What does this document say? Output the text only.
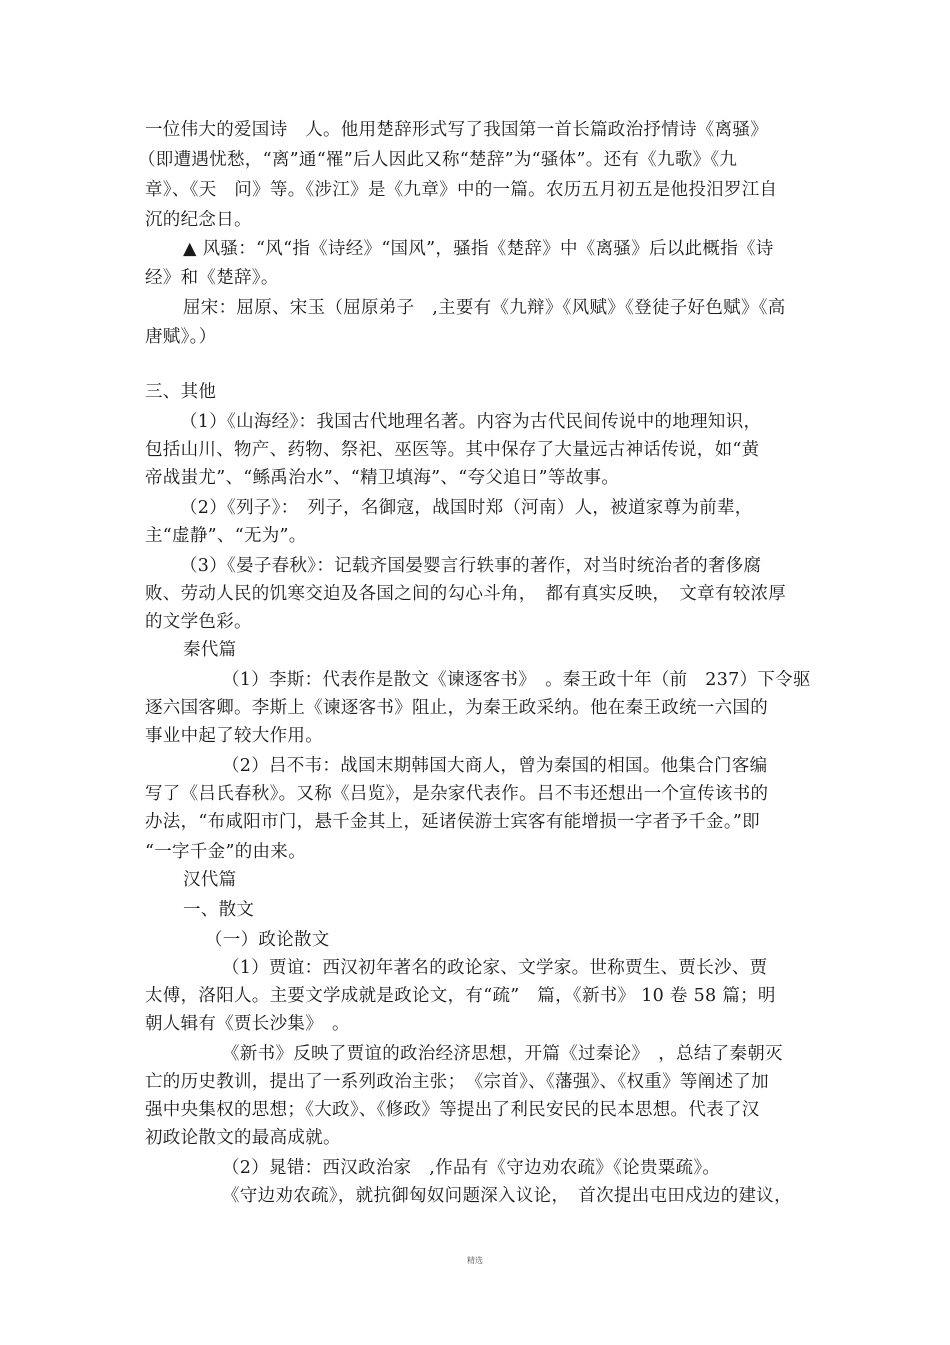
一位伟大的爱国诗　人。他用楚辞形式写了我国第一首长篇政治抒情诗《离骚》
（即遭遇忧愁，“离”通“罹”后人因此又称“楚辞”为“骚体”。还有《九歌》《九
章》、《天　问》等。《涉江》是《九章》中的一篇。农历五月初五是他投汨罗江自
沉的纪念日。
▲ 风骚：“风“指《诗经》“国风”，骚指《楚辞》中《离骚》后以此概指《诗
经》和《楚辞》。
屈宋：屈原、宋玉（屈原弟子　,主要有《九辩》《风赋》《登徒子好色赋》《高
唐赋》。）
三、其他
（1）《山海经》：我国古代地理名著。内容为古代民间传说中的地理知识，
包括山川、物产、药物、祭祀、巫医等。其中保存了大量远古神话传说，如“黄
帝战蚩尤”、“鲧禹治水”、“精卫填海”、“夸父追日”等故事。
（2）《列子》：　列子，名御寇，战国时郑（河南）人，被道家尊为前辈，
主“虚静”、“无为”。
（3）《晏子春秋》：记载齐国晏婴言行轶事的著作，对当时统治者的奢侈腐
败、劳动人民的饥寒交迫及各国之间的勾心斗角，　都有真实反映，　文章有较浓厚
的文学色彩。
秦代篇
（1）李斯：代表作是散文《谏逐客书》　。秦王政十年（前　237）下令驱
逐六国客卿。李斯上《谏逐客书》阻止，为秦王政采纳。他在秦王政统一六国的
事业中起了较大作用。
（2）吕不韦：战国末期韩国大商人，曾为秦国的相国。他集合门客编
写了《吕氏春秋》。又称《吕览》，是杂家代表作。吕不韦还想出一个宣传该书的
办法，“布咸阳市门，悬千金其上，延诸侯游士宾客有能增损一字者予千金。”即
“一字千金”的由来。
汉代篇
一、散文
（一）政论散文
（1）贾谊：西汉初年著名的政论家、文学家。世称贾生、贾长沙、贾
太傅，洛阳人。主要文学成就是政论文，有“疏”　篇，《新书》 10 卷 58 篇；明
朝人辑有《贾长沙集》　。
《新书》反映了贾谊的政治经济思想，开篇《过秦论》　，总结了秦朝灭
亡的历史教训，提出了一系列政治主张；　《宗首》、《藩强》、《权重》等阐述了加
强中央集权的思想；《大政》、《修政》等提出了利民安民的民本思想。代表了汉
初政论散文的最高成就。
（2）晁错：西汉政治家　,作品有《守边劝农疏》《论贵粟疏》。
《守边劝农疏》，就抗御匈奴问题深入议论，　首次提出屯田戍边的建议，
精选
